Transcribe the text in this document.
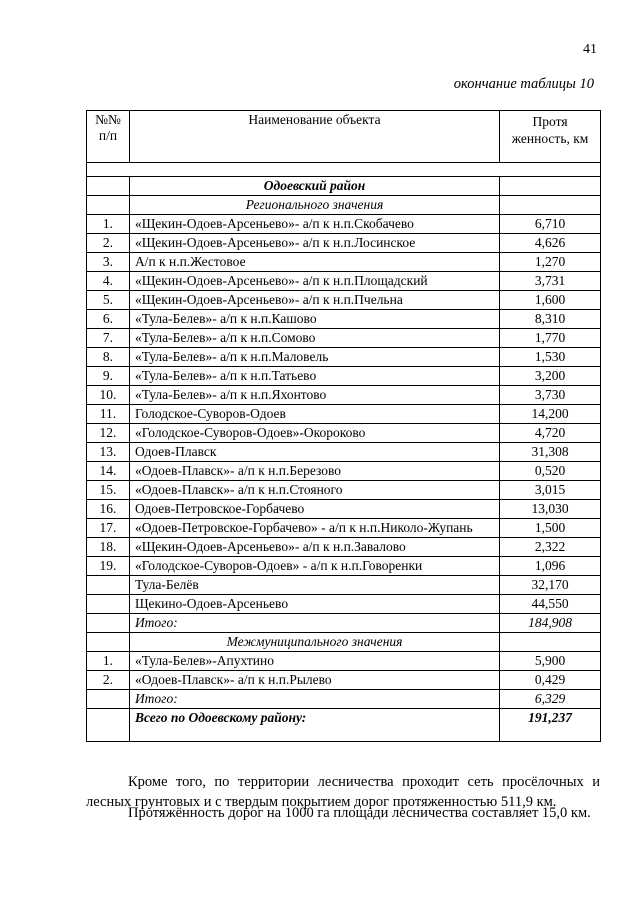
41
окончание таблицы 10
№№ п/п	Наименование объекта	Протя женность, км

	Одоевский район	
	Регионального значения	
1.	«Щекин-Одоев-Арсеньево»- а/п к н.п.Скобачево	6,710
2.	«Щекин-Одоев-Арсеньево»- а/п к н.п.Лосинское	4,626
3.	А/п к н.п.Жестовое	1,270
4.	«Щекин-Одоев-Арсеньево»- а/п к н.п.Площадский	3,731
5.	«Щекин-Одоев-Арсеньево»- а/п к н.п.Пчельна	1,600
6.	«Тула-Белев»- а/п к н.п.Кашово	8,310
7.	«Тула-Белев»- а/п к н.п.Сомово	1,770
8.	«Тула-Белев»- а/п к н.п.Маловель	1,530
9.	«Тула-Белев»- а/п к н.п.Татьево	3,200
10.	«Тула-Белев»- а/п к н.п.Яхонтово	3,730
11.	Голодское-Суворов-Одоев	14,200
12.	«Голодское-Суворов-Одоев»-Окороково	4,720
13.	Одоев-Плавск	31,308
14.	«Одоев-Плавск»- а/п к н.п.Березово	0,520
15.	«Одоев-Плавск»- а/п к н.п.Стояного	3,015
16.	Одоев-Петровское-Горбачево	13,030
17.	«Одоев-Петровское-Горбачево» - а/п к н.п.Николо-Жупань	1,500
18.	«Щекин-Одоев-Арсеньево»- а/п к н.п.Завалово	2,322
19.	«Голодское-Суворов-Одоев» - а/п к н.п.Говоренки	1,096
	Тула-Белёв	32,170
	Щекино-Одоев-Арсеньево	44,550
	Итого:	184,908
	Межмуниципального значения	
1.	«Тула-Белев»-Апухтино	5,900
2.	«Одоев-Плавск»- а/п к н.п.Рылево	0,429
	Итого:	6,329
	Всего по Одоевскому району:	191,237

Кроме того, по территории лесничества проходит сеть просёлочных и лесных грунтовых и с твердым покрытием дорог протяженностью 511,9 км.

Протяжённость дорог на 1000 га площади лесничества составляет 15,0 км.
